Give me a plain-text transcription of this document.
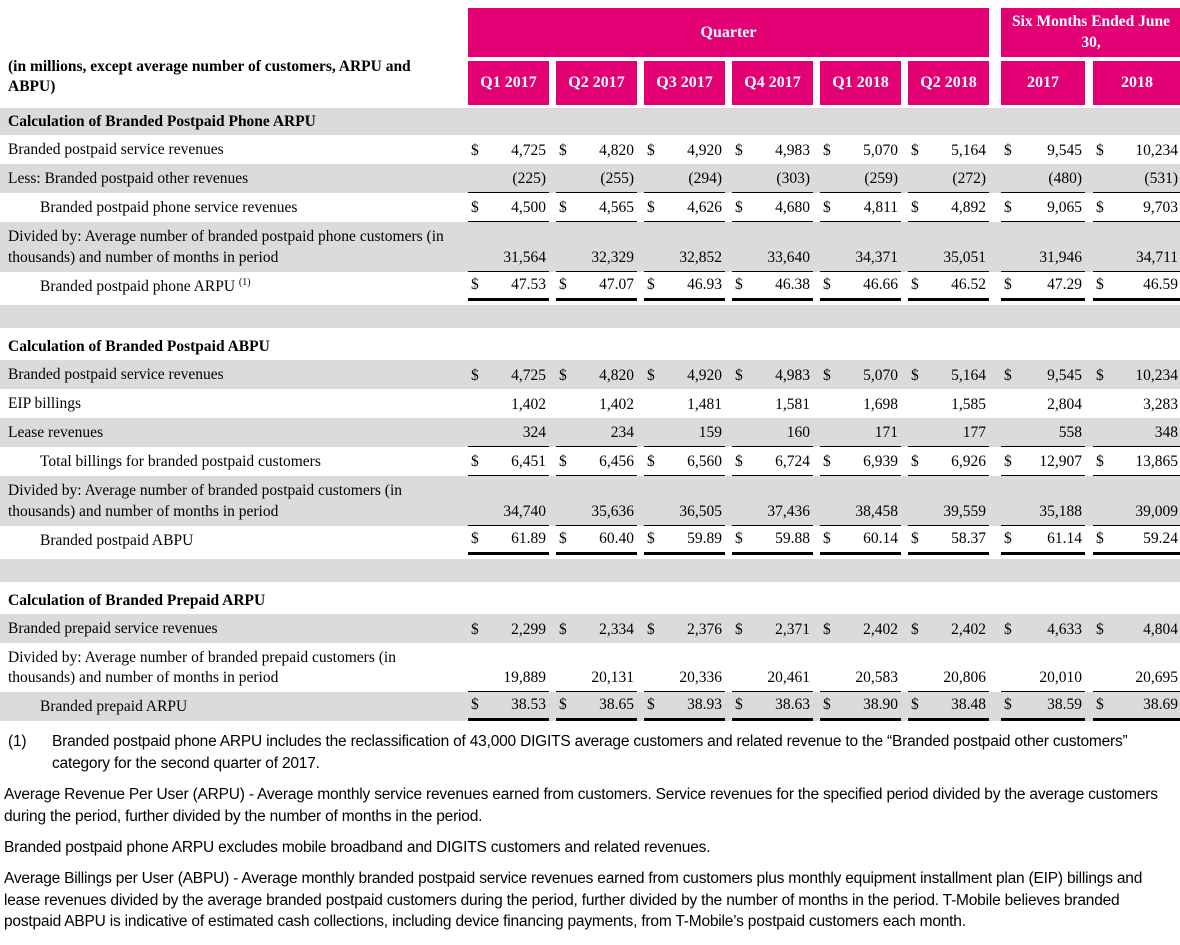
Quarter
Six Months Ended June 30,
(in millions, except average number of customers, ARPU and ABPU)	Q1 2017	Q2 2017	Q3 2017	Q4 2017	Q1 2018	Q2 2018	2017	2018
Calculation of Branded Postpaid Phone ARPU
Branded postpaid service revenues	$ 4,725 $ 4,820 $ 4,920 $ 4,983 $ 5,070 $ 5,164 $ 9,545 $ 10,234
Less: Branded postpaid other revenues	(225)	(255)	(294)	(303)	(259)	(272)	(480)	(531)
Branded postpaid phone service revenues	$ 4,500 $ 4,565 $ 4,626 $ 4,680 $ 4,811 $ 4,892 $ 9,065 $	9,703
Divided by: Average number of branded postpaid phone customers (in thousands) and number of months in period	31,564	32,329	32,852	33,640	34,371	35,051	31,946	34,711
Branded postpaid phone ARPU $^{(1)}$	$ 47.53 $ 47.07 $ 46.93 $ 46.38 $ 46.66 $ 46.52 $ 47.29 $	46.59
Calculation of Branded Postpaid ABPU
Branded postpaid service revenues	$ 4,725 $ 4,820 $ 4,920 $ 4,983 $ 5,070 $ 5,164 $ 9,545 $ 10,234
EIP billings	1,402	1,402	1,481	1,581	1,698	1,585	2,804	3,283
Lease revenues	324	234	159	160	171	177	558	348
Total billings for branded postpaid customers	$ 6,451 $ 6,456 $ 6,560 $ 6,724 $ 6,939 $ 6,926 $ 12,907 $ 13,865
Divided by: Average number of branded postpaid customers (in thousands) and number of months in period	34,740	35,636	36,505	37,436	38,458	39,559	35,188	39,009
Branded postpaid ABPU	$ 61.89 $ 60.40 $ 59.89 $ 59.88 $ 60.14 $ 58.37 $ 61.14 $	59.24
Calculation of Branded Prepaid ARPU
Branded prepaid service revenues	$ 2,299 $ 2,334 $ 2,376 $ 2,371 $ 2,402 $ 2,402 $ 4,633 $	4,804
Divided by: Average number of branded prepaid customers (in thousands) and number of months in period	19,889	20,131	20,336	20,461	20,583	20,806	20,010	20,695
Branded prepaid ARPU	$ 38.53 $ 38.65 $ 38.93 $ 38.63 $ 38.90 $ 38.48 $ 38.59 $	38.69
(1)	Branded postpaid phone ARPU includes the reclassification of 43,000 DIGITS average customers and related revenue to the “Branded postpaid other customers” category for the second quarter of 2017.

Average Revenue Per User (ARPU) - Average monthly service revenues earned from customers. Service revenues for the specified period divided by the average customers during the period, further divided by the number of months in the period.

Branded postpaid phone ARPU excludes mobile broadband and DIGITS customers and related revenues.

Average Billings per User (ABPU) - Average monthly branded postpaid service revenues earned from customers plus monthly equipment installment plan (EIP) billings and lease revenues divided by the average branded postpaid customers during the period, further divided by the number of months in the period. T-Mobile believes branded postpaid ABPU is indicative of estimated cash collections, including device financing payments, from T-Mobile’s postpaid customers each month.
